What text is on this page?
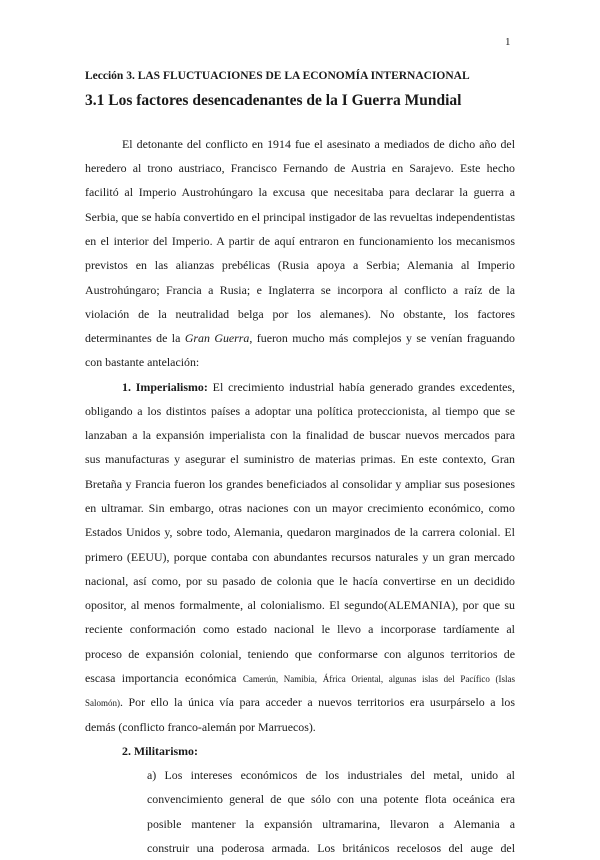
1
Lección 3. LAS FLUCTUACIONES DE LA ECONOMÍA INTERNACIONAL
3.1 Los factores desencadenantes de la I Guerra Mundial
El detonante del conflicto en 1914 fue el asesinato a mediados de dicho año del
heredero al trono austriaco, Francisco Fernando de Austria en Sarajevo. Este hecho
facilitó al Imperio Austrohúngaro la excusa que necesitaba para declarar la guerra a
Serbia, que se había convertido en el principal instigador de las revueltas independentistas
en el interior del Imperio. A partir de aquí entraron en funcionamiento los mecanismos
previstos en las alianzas prebélicas (Rusia apoya a Serbia; Alemania al Imperio
Austrohúngaro; Francia a Rusia; e Inglaterra se incorpora al conflicto a raíz de la
violación de la neutralidad belga por los alemanes). No obstante, los factores
determinantes de la Gran Guerra, fueron mucho más complejos y se venían fraguando
con bastante antelación:
1. Imperialismo: El crecimiento industrial había generado grandes excedentes,
obligando a los distintos países a adoptar una política proteccionista, al tiempo que se
lanzaban a la expansión imperialista con la finalidad de buscar nuevos mercados para
sus manufacturas y asegurar el suministro de materias primas. En este contexto, Gran
Bretaña y Francia fueron los grandes beneficiados al consolidar y ampliar sus posesiones
en ultramar. Sin embargo, otras naciones con un mayor crecimiento económico, como
Estados Unidos y, sobre todo, Alemania, quedaron marginados de la carrera colonial. El
primero (EEUU), porque contaba con abundantes recursos naturales y un gran mercado
nacional, así como, por su pasado de colonia que le hacía convertirse en un decidido
opositor, al menos formalmente, al colonialismo. El segundo(ALEMANIA), por que su
reciente conformación como estado nacional le llevo a incorporase tardíamente al
proceso de expansión colonial, teniendo que conformarse con algunos territorios de
escasa importancia económica Camerún, Namibia, África Oriental, algunas islas del Pacífico (Islas
Salomón). Por ello la única vía para acceder a nuevos territorios era usurpárselo a los
demás (conflicto franco-alemán por Marruecos).
2. Militarismo:
a) Los intereses económicos de los industriales del metal, unido al
convencimiento general de que sólo con una potente flota oceánica era
posible mantener la expansión ultramarina, llevaron a Alemania a
construir una poderosa armada. Los británicos recelosos del auge del
